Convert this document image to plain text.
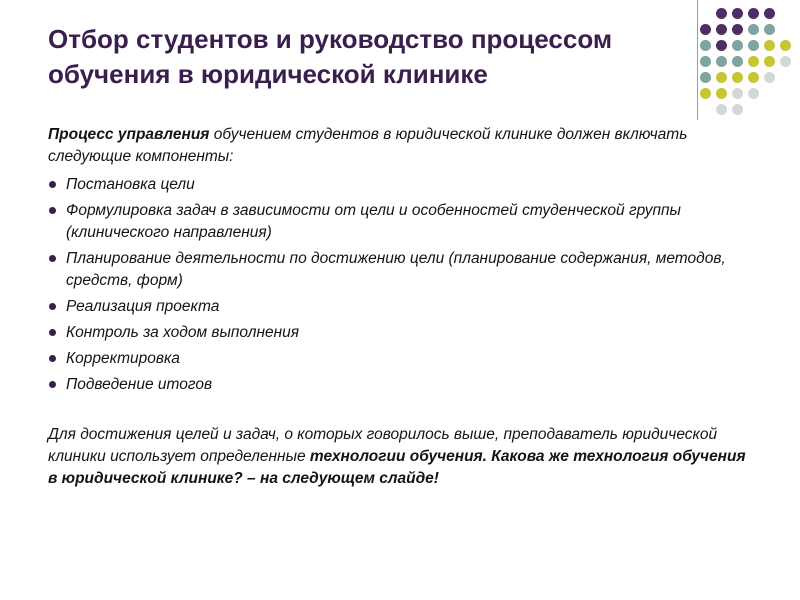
Отбор студентов и руководство процессом
обучения в юридической клинике

Процесс управления обучением студентов в юридической клинике должен включать следующие компоненты:

Постановка цели
Формулировка задач в зависимости от цели и особенностей студенческой группы (клинического направления)
Планирование деятельности по достижению цели (планирование содержания, методов, средств, форм)
Реализация проекта
Контроль за ходом выполнения
Корректировка
Подведение итогов

Для достижения целей и задач, о которых говорилось выше, преподаватель юридической клиники использует определенные технологии обучения. Какова же технология обучения в юридической клинике? – на следующем слайде!
